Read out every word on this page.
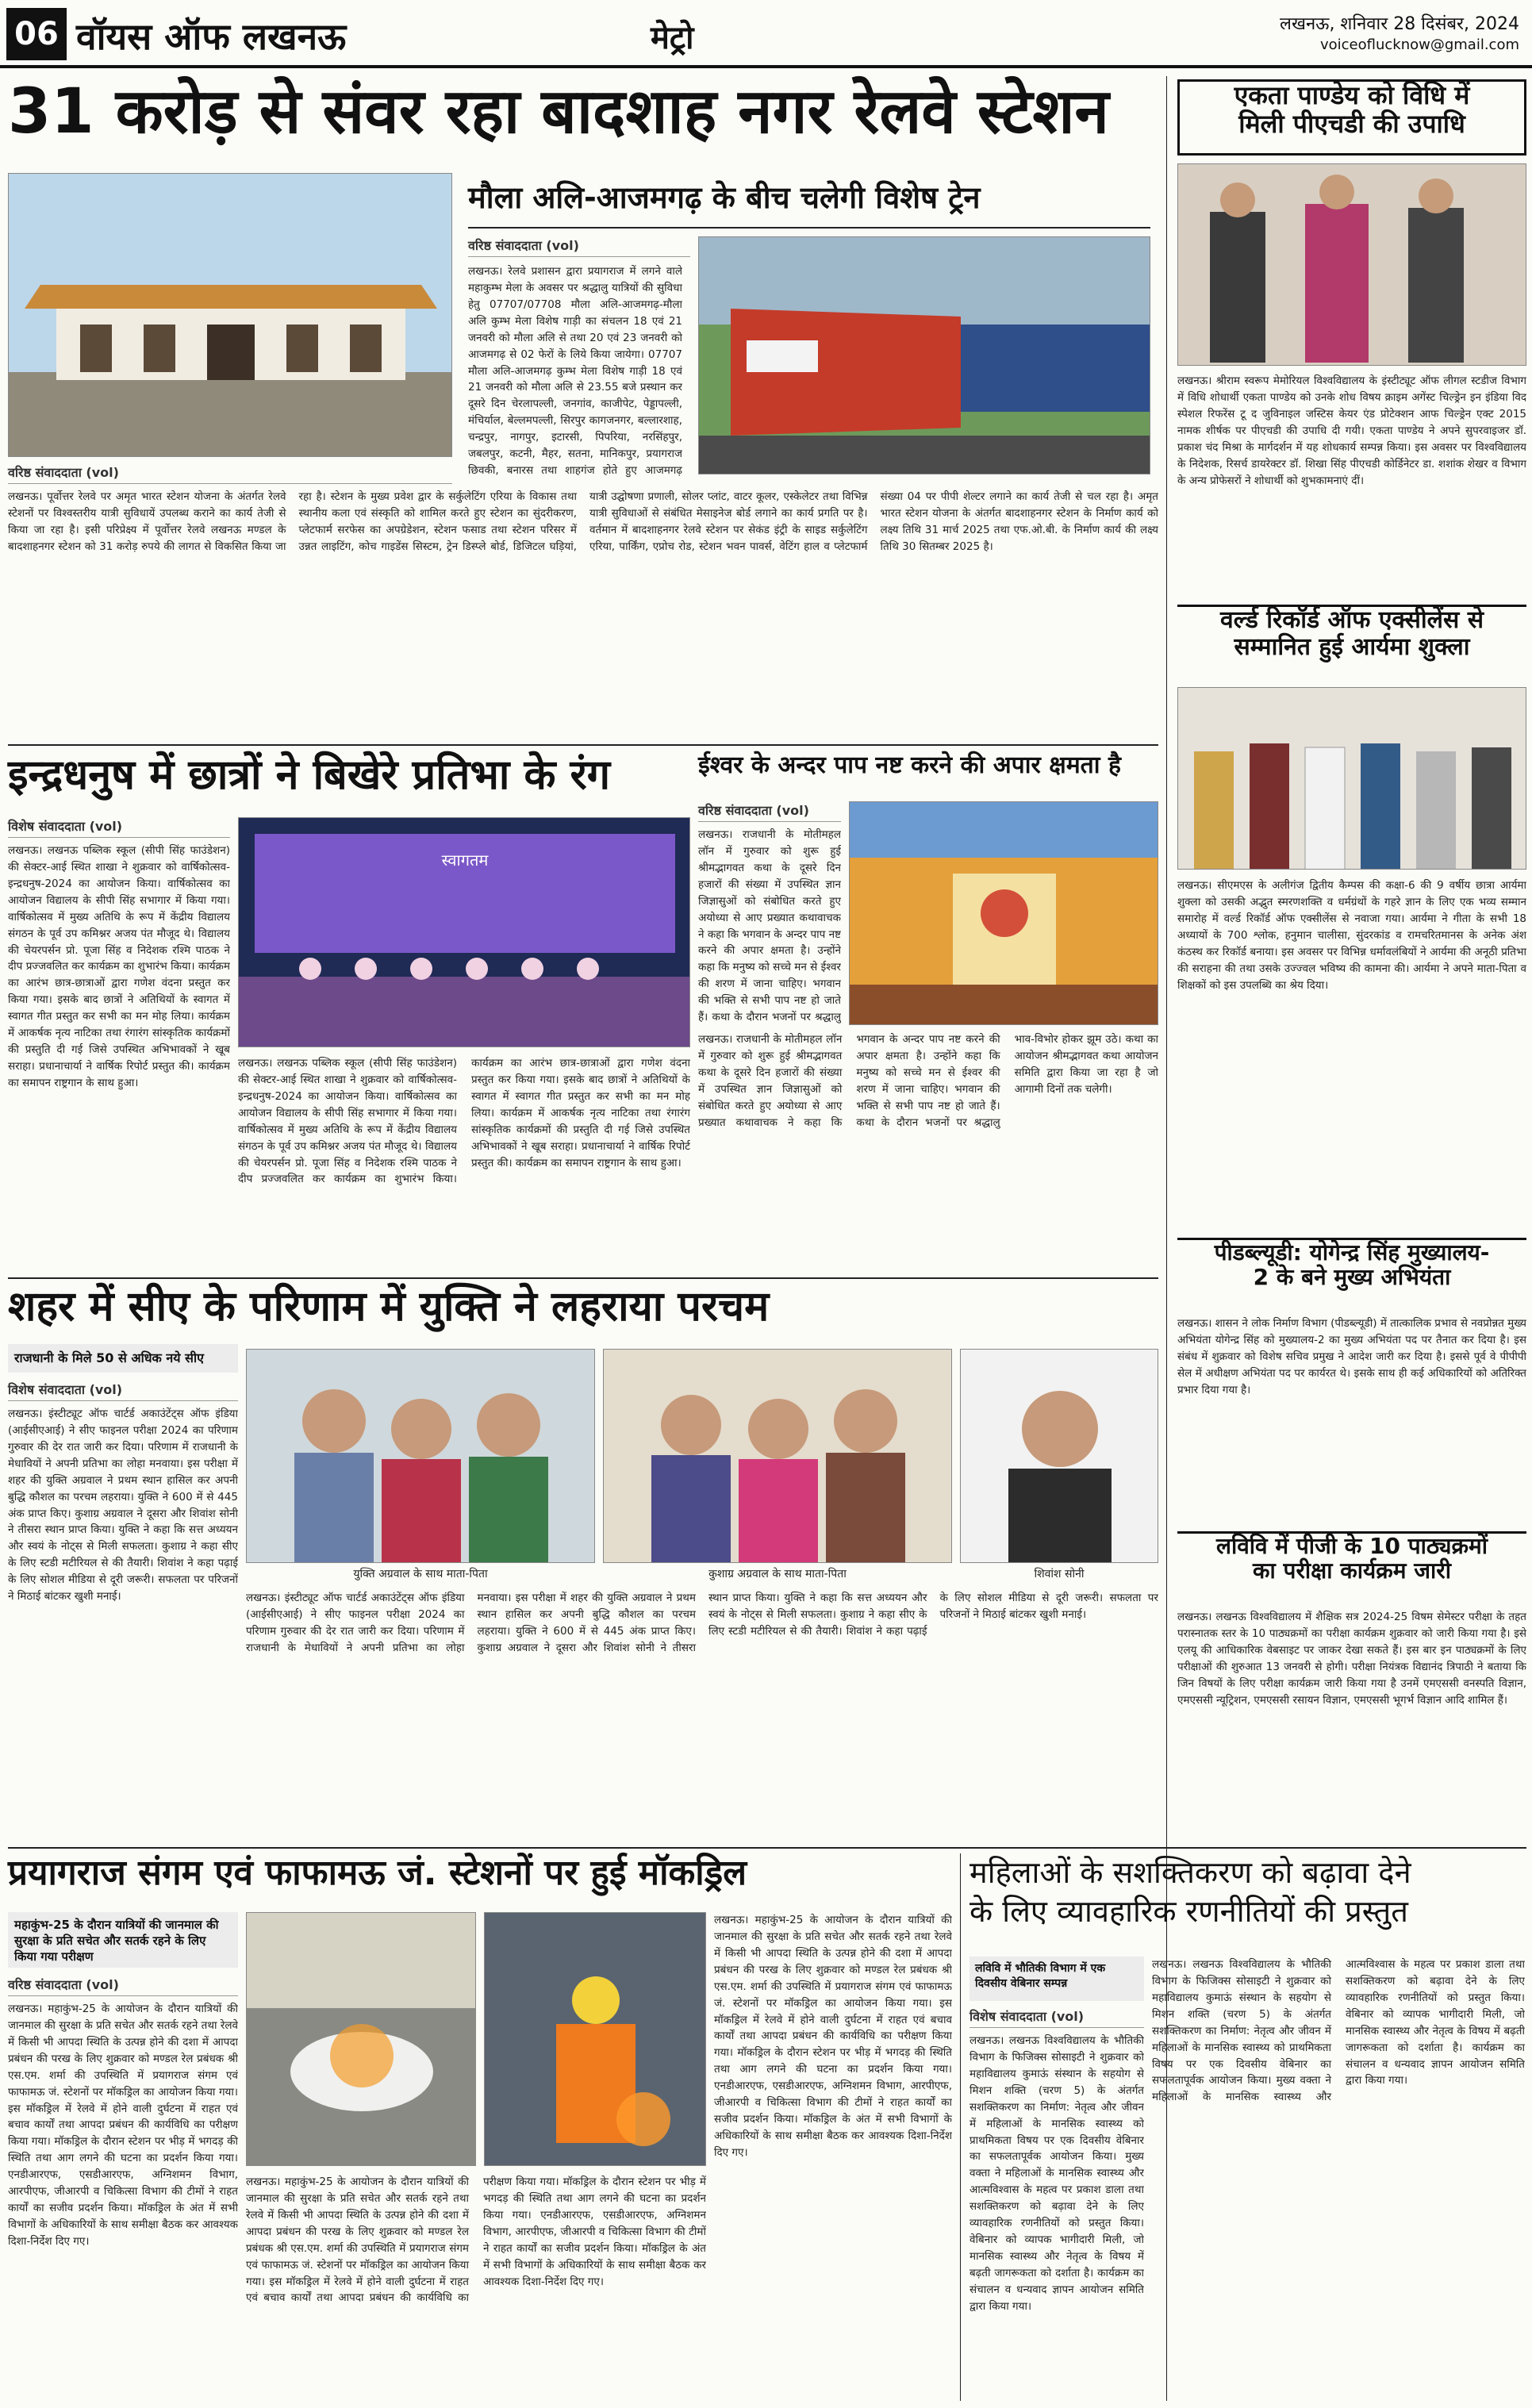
06 वॉयस ऑफ लखनऊ	मेट्रो	लखनऊ, शनिवार 28 दिसंबर, 2024
voiceoflucknow@gmail.com
31 करोड़ से संवर रहा बादशाह नगर रेलवे स्टेशन
वरिष्ठ संवाददाता (vol)
लखनऊ। पूर्वोत्तर रेलवे पर अमृत भारत स्टेशन योजना के अंतर्गत रेलवे स्टेशनों पर विश्वस्तरीय यात्री सुविधायें उपलब्ध कराने का कार्य तेजी से किया जा रहा है। इसी परिप्रेक्ष्य में पूर्वोत्तर रेलवे लखनऊ मण्डल के बादशाहनगर स्टेशन को 31 करोड़ रुपये की लागत से विकसित किया जा रहा है। स्टेशन के मुख्य प्रवेश द्वार के सर्कुलेटिंग एरिया के विकास तथा स्थानीय कला एवं संस्कृति को शामिल करते हुए स्टेशन का सुंदरीकरण, प्लेटफार्म सरफेस का अपग्रेडेशन, स्टेशन फसाड तथा स्टेशन परिसर में उन्नत लाइटिंग, कोच गाइडेंस सिस्टम, ट्रेन डिस्प्ले बोर्ड, डिजिटल घड़ियां, यात्री उद्घोषणा प्रणाली, सोलर प्लांट, वाटर कूलर, एस्केलेटर तथा विभिन्न यात्री सुविधाओं से संबंधित मेसाइनेज बोर्ड लगाने का कार्य प्रगति पर है। वर्तमान में बादशाहनगर रेलवे स्टेशन पर सेकंड इंट्री के साइड सर्कुलेटिंग एरिया, पार्किंग, एप्रोच रोड, स्टेशन भवन पावर्स, वेटिंग हाल व प्लेटफार्म संख्या 04 पर पीपी शेल्टर लगाने का कार्य तेजी से चल रहा है। अमृत भारत स्टेशन योजना के अंतर्गत बादशाहनगर स्टेशन के निर्माण कार्य को लक्ष्य तिथि 31 मार्च 2025 तथा एफ.ओ.बी. के निर्माण कार्य की लक्ष्य तिथि 30 सितम्बर 2025 है।
मौला अलि-आजमगढ़ के बीच चलेगी विशेष ट्रेन
वरिष्ठ संवाददाता (vol)
लखनऊ। रेलवे प्रशासन द्वारा प्रयागराज में लगने वाले महाकुम्भ मेला के अवसर पर श्रद्धालु यात्रियों की सुविधा हेतु 07707/07708 मौला अलि-आजमगढ़-मौला अलि कुम्भ मेला विशेष गाड़ी का संचलन 18 एवं 21 जनवरी को मौला अलि से तथा 20 एवं 23 जनवरी को आजमगढ़ से 02 फेरों के लिये किया जायेगा। 07707 मौला अलि-आजमगढ़ कुम्भ मेला विशेष गाड़ी 18 एवं 21 जनवरी को मौला अलि से 23.55 बजे प्रस्थान कर दूसरे दिन चेरलापल्ली, जनगांव, काजीपेट, पेड्डापल्ली, मंचिर्याल, बेल्लमपल्ली, सिरपुर कागजनगर, बल्लारशाह, चन्द्रपुर, नागपुर, इटारसी, पिपरिया, नरसिंहपुर, जबलपुर, कटनी, मैहर, सतना, मानिकपुर, प्रयागराज छिवकी, बनारस तथा शाहगंज होते हुए आजमगढ़
एकता पाण्डेय को विधि में
मिली पीएचडी की उपाधि
लखनऊ। श्रीराम स्वरूप मेमोरियल विश्वविद्यालय के इंस्टीट्यूट ऑफ लीगल स्टडीज विभाग में विधि शोधार्थी एकता पाण्डेय को उनके शोध विषय क्राइम अगेंस्ट चिल्ड्रेन इन इंडिया विद स्पेशल रिफरेंस टू द जुविनाइल जस्टिस केयर एंड प्रोटेक्शन आफ चिल्ड्रेन एक्ट 2015 नामक शीर्षक पर पीएचडी की उपाधि दी गयी। एकता पाण्डेय ने अपने सुपरवाइजर डॉ. प्रकाश चंद मिश्रा के मार्गदर्शन में यह शोधकार्य सम्पन्न किया। इस अवसर पर विश्वविद्यालय के निदेशक, रिसर्च डायरेक्टर डॉ. शिखा सिंह पीएचडी कोर्डिनेटर डा. शशांक शेखर व विभाग के अन्य प्रोफेसरों ने शोधार्थी को शुभकामनाएं दीं।
वर्ल्ड रिकॉर्ड ऑफ एक्सीलेंस से
सम्मानित हुई आर्यमा शुक्ला
लखनऊ। सीएमएस के अलीगंज द्वितीय कैम्पस की कक्षा-6 की 9 वर्षीय छात्रा आर्यमा शुक्ला को उसकी अद्भुत स्मरणशक्ति व धर्मग्रंथों के गहरे ज्ञान के लिए एक भव्य सम्मान समारोह में वर्ल्ड रिकॉर्ड ऑफ एक्सीलेंस से नवाजा गया। आर्यमा ने गीता के सभी 18 अध्यायों के 700 श्लोक, हनुमान चालीसा, सुंदरकांड व रामचरितमानस के अनेक अंश कंठस्थ कर रिकॉर्ड बनाया। इस अवसर पर विभिन्न धर्मावलंबियों ने आर्यमा की अनूठी प्रतिभा की सराहना की तथा उसके उज्ज्वल भविष्य की कामना की। आर्यमा ने अपने माता-पिता व शिक्षकों को इस उपलब्धि का श्रेय दिया।
पीडब्ल्यूडी: योगेन्द्र सिंह मुख्यालय-
2 के बने मुख्य अभियंता
लखनऊ। शासन ने लोक निर्माण विभाग (पीडब्ल्यूडी) में तात्कालिक प्रभाव से नवप्रोन्नत मुख्य अभियंता योगेन्द्र सिंह को मुख्यालय-2 का मुख्य अभियंता पद पर तैनात कर दिया है। इस संबंध में शुक्रवार को विशेष सचिव प्रमुख ने आदेश जारी कर दिया है। इससे पूर्व वे पीपीपी सेल में अधीक्षण अभियंता पद पर कार्यरत थे। इसके साथ ही कई अधिकारियों को अतिरिक्त प्रभार दिया गया है।
लविवि में पीजी के 10 पाठ्यक्रमों
का परीक्षा कार्यक्रम जारी
लखनऊ। लखनऊ विश्वविद्यालय में शैक्षिक सत्र 2024-25 विषम सेमेस्टर परीक्षा के तहत परास्नातक स्तर के 10 पाठ्यक्रमों का परीक्षा कार्यक्रम शुक्रवार को जारी किया गया है। इसे एलयू की आधिकारिक वेबसाइट पर जाकर देखा सकते हैं। इस बार इन पाठ्यक्रमों के लिए परीक्षाओं की शुरुआत 13 जनवरी से होगी। परीक्षा नियंत्रक विद्यानंद त्रिपाठी ने बताया कि जिन विषयों के लिए परीक्षा कार्यक्रम जारी किया गया है उनमें एमएससी वनस्पति विज्ञान, एमएससी न्यूट्रिशन, एमएससी रसायन विज्ञान, एमएससी भूगर्भ विज्ञान आदि शामिल हैं।
इन्द्रधनुष में छात्रों ने बिखेरे प्रतिभा के रंग
विशेष संवाददाता (vol)
लखनऊ। लखनऊ पब्लिक स्कूल (सीपी सिंह फाउंडेशन) की सेक्टर-आई स्थित शाखा ने शुक्रवार को वार्षिकोत्सव-इन्द्रधनुष-2024 का आयोजन किया। वार्षिकोत्सव का आयोजन विद्यालय के सीपी सिंह सभागार में किया गया। वार्षिकोत्सव में मुख्य अतिथि के रूप में केंद्रीय विद्यालय संगठन के पूर्व उप कमिश्नर अजय पंत मौजूद थे। विद्यालय की चेयरपर्सन प्रो. पूजा सिंह व निदेशक रश्मि पाठक ने दीप प्रज्जवलित कर कार्यक्रम का शुभारंभ किया। कार्यक्रम का आरंभ छात्र-छात्राओं द्वारा गणेश वंदना प्रस्तुत कर किया गया। इसके बाद छात्रों ने अतिथियों के स्वागत में स्वागत गीत प्रस्तुत कर सभी का मन मोह लिया। कार्यक्रम में आकर्षक नृत्य नाटिका तथा रंगारंग सांस्कृतिक कार्यक्रमों की प्रस्तुति दी गई जिसे उपस्थित अभिभावकों ने खूब सराहा। प्रधानाचार्या ने वार्षिक रिपोर्ट प्रस्तुत की। कार्यक्रम का समापन राष्ट्रगान के साथ हुआ।
स्वागतम
लखनऊ। लखनऊ पब्लिक स्कूल (सीपी सिंह फाउंडेशन) की सेक्टर-आई स्थित शाखा ने शुक्रवार को वार्षिकोत्सव-इन्द्रधनुष-2024 का आयोजन किया। वार्षिकोत्सव का आयोजन विद्यालय के सीपी सिंह सभागार में किया गया। वार्षिकोत्सव में मुख्य अतिथि के रूप में केंद्रीय विद्यालय संगठन के पूर्व उप कमिश्नर अजय पंत मौजूद थे। विद्यालय की चेयरपर्सन प्रो. पूजा सिंह व निदेशक रश्मि पाठक ने दीप प्रज्जवलित कर कार्यक्रम का शुभारंभ किया। कार्यक्रम का आरंभ छात्र-छात्राओं द्वारा गणेश वंदना प्रस्तुत कर किया गया। इसके बाद छात्रों ने अतिथियों के स्वागत में स्वागत गीत प्रस्तुत कर सभी का मन मोह लिया। कार्यक्रम में आकर्षक नृत्य नाटिका तथा रंगारंग सांस्कृतिक कार्यक्रमों की प्रस्तुति दी गई जिसे उपस्थित अभिभावकों ने खूब सराहा। प्रधानाचार्या ने वार्षिक रिपोर्ट प्रस्तुत की। कार्यक्रम का समापन राष्ट्रगान के साथ हुआ।
ईश्वर के अन्दर पाप नष्ट करने की अपार क्षमता है
वरिष्ठ संवाददाता (vol)
लखनऊ। राजधानी के मोतीमहल लॉन में गुरुवार को शुरू हुई श्रीमद्भागवत कथा के दूसरे दिन हजारों की संख्या में उपस्थित ज्ञान जिज्ञासुओं को संबोधित करते हुए अयोध्या से आए प्रख्यात कथावाचक ने कहा कि भगवान के अन्दर पाप नष्ट करने की अपार क्षमता है। उन्होंने कहा कि मनुष्य को सच्चे मन से ईश्वर की शरण में जाना चाहिए। भगवान की भक्ति से सभी पाप नष्ट हो जाते हैं। कथा के दौरान भजनों पर श्रद्धालु
लखनऊ। राजधानी के मोतीमहल लॉन में गुरुवार को शुरू हुई श्रीमद्भागवत कथा के दूसरे दिन हजारों की संख्या में उपस्थित ज्ञान जिज्ञासुओं को संबोधित करते हुए अयोध्या से आए प्रख्यात कथावाचक ने कहा कि भगवान के अन्दर पाप नष्ट करने की अपार क्षमता है। उन्होंने कहा कि मनुष्य को सच्चे मन से ईश्वर की शरण में जाना चाहिए। भगवान की भक्ति से सभी पाप नष्ट हो जाते हैं। कथा के दौरान भजनों पर श्रद्धालु भाव-विभोर होकर झूम उठे। कथा का आयोजन श्रीमद्भागवत कथा आयोजन समिति द्वारा किया जा रहा है जो आगामी दिनों तक चलेगी।
शहर में सीए के परिणाम में युक्ति ने लहराया परचम
राजधानी के मिले 50 से अधिक नये सीए
विशेष संवाददाता (vol)
लखनऊ। इंस्टीट्यूट ऑफ चार्टर्ड अकाउंटेंट्स ऑफ इंडिया (आईसीएआई) ने सीए फाइनल परीक्षा 2024 का परिणाम गुरुवार की देर रात जारी कर दिया। परिणाम में राजधानी के मेधावियों ने अपनी प्रतिभा का लोहा मनवाया। इस परीक्षा में शहर की युक्ति अग्रवाल ने प्रथम स्थान हासिल कर अपनी बुद्धि कौशल का परचम लहराया। युक्ति ने 600 में से 445 अंक प्राप्त किए। कुशाग्र अग्रवाल ने दूसरा और शिवांश सोनी ने तीसरा स्थान प्राप्त किया। युक्ति ने कहा कि सत्त अध्ययन और स्वयं के नोट्स से मिली सफलता। कुशाग्र ने कहा सीए के लिए स्टडी मटीरियल से की तैयारी। शिवांश ने कहा पढ़ाई के लिए सोशल मीडिया से दूरी जरूरी। सफलता पर परिजनों ने मिठाई बांटकर खुशी मनाई।
युक्ति अग्रवाल के साथ माता-पिता	कुशाग्र अग्रवाल के साथ माता-पिता	शिवांश सोनी
लखनऊ। इंस्टीट्यूट ऑफ चार्टर्ड अकाउंटेंट्स ऑफ इंडिया (आईसीएआई) ने सीए फाइनल परीक्षा 2024 का परिणाम गुरुवार की देर रात जारी कर दिया। परिणाम में राजधानी के मेधावियों ने अपनी प्रतिभा का लोहा मनवाया। इस परीक्षा में शहर की युक्ति अग्रवाल ने प्रथम स्थान हासिल कर अपनी बुद्धि कौशल का परचम लहराया। युक्ति ने 600 में से 445 अंक प्राप्त किए। कुशाग्र अग्रवाल ने दूसरा और शिवांश सोनी ने तीसरा स्थान प्राप्त किया। युक्ति ने कहा कि सत्त अध्ययन और स्वयं के नोट्स से मिली सफलता। कुशाग्र ने कहा सीए के लिए स्टडी मटीरियल से की तैयारी। शिवांश ने कहा पढ़ाई के लिए सोशल मीडिया से दूरी जरूरी। सफलता पर परिजनों ने मिठाई बांटकर खुशी मनाई।
प्रयागराज संगम एवं फाफामऊ जं. स्टेशनों पर हुई मॉकड्रिल
महाकुंभ-25 के दौरान यात्रियों की जानमाल की सुरक्षा के प्रति सचेत और सतर्क रहने के लिए किया गया परीक्षण
वरिष्ठ संवाददाता (vol)
लखनऊ। महाकुंभ-25 के आयोजन के दौरान यात्रियों की जानमाल की सुरक्षा के प्रति सचेत और सतर्क रहने तथा रेलवे में किसी भी आपदा स्थिति के उत्पन्न होने की दशा में आपदा प्रबंधन की परख के लिए शुक्रवार को मण्डल रेल प्रबंधक श्री एस.एम. शर्मा की उपस्थिति में प्रयागराज संगम एवं फाफामऊ जं. स्टेशनों पर मॉकड्रिल का आयोजन किया गया। इस मॉकड्रिल में रेलवे में होने वाली दुर्घटना में राहत एवं बचाव कार्यों तथा आपदा प्रबंधन की कार्यविधि का परीक्षण किया गया। मॉकड्रिल के दौरान स्टेशन पर भीड़ में भगदड़ की स्थिति तथा आग लगने की घटना का प्रदर्शन किया गया। एनडीआरएफ, एसडीआरएफ, अग्निशमन विभाग, आरपीएफ, जीआरपी व चिकित्सा विभाग की टीमों ने राहत कार्यों का सजीव प्रदर्शन किया। मॉकड्रिल के अंत में सभी विभागों के अधिकारियों के साथ समीक्षा बैठक कर आवश्यक दिशा-निर्देश दिए गए।
लखनऊ। महाकुंभ-25 के आयोजन के दौरान यात्रियों की जानमाल की सुरक्षा के प्रति सचेत और सतर्क रहने तथा रेलवे में किसी भी आपदा स्थिति के उत्पन्न होने की दशा में आपदा प्रबंधन की परख के लिए शुक्रवार को मण्डल रेल प्रबंधक श्री एस.एम. शर्मा की उपस्थिति में प्रयागराज संगम एवं फाफामऊ जं. स्टेशनों पर मॉकड्रिल का आयोजन किया गया। इस मॉकड्रिल में रेलवे में होने वाली दुर्घटना में राहत एवं बचाव कार्यों तथा आपदा प्रबंधन की कार्यविधि का परीक्षण किया गया। मॉकड्रिल के दौरान स्टेशन पर भीड़ में भगदड़ की स्थिति तथा आग लगने की घटना का प्रदर्शन किया गया। एनडीआरएफ, एसडीआरएफ, अग्निशमन विभाग, आरपीएफ, जीआरपी व चिकित्सा विभाग की टीमों ने राहत कार्यों का सजीव प्रदर्शन किया। मॉकड्रिल के अंत में सभी विभागों के अधिकारियों के साथ समीक्षा बैठक कर आवश्यक दिशा-निर्देश दिए गए।
लखनऊ। महाकुंभ-25 के आयोजन के दौरान यात्रियों की जानमाल की सुरक्षा के प्रति सचेत और सतर्क रहने तथा रेलवे में किसी भी आपदा स्थिति के उत्पन्न होने की दशा में आपदा प्रबंधन की परख के लिए शुक्रवार को मण्डल रेल प्रबंधक श्री एस.एम. शर्मा की उपस्थिति में प्रयागराज संगम एवं फाफामऊ जं. स्टेशनों पर मॉकड्रिल का आयोजन किया गया। इस मॉकड्रिल में रेलवे में होने वाली दुर्घटना में राहत एवं बचाव कार्यों तथा आपदा प्रबंधन की कार्यविधि का परीक्षण किया गया। मॉकड्रिल के दौरान स्टेशन पर भीड़ में भगदड़ की स्थिति तथा आग लगने की घटना का प्रदर्शन किया गया। एनडीआरएफ, एसडीआरएफ, अग्निशमन विभाग, आरपीएफ, जीआरपी व चिकित्सा विभाग की टीमों ने राहत कार्यों का सजीव प्रदर्शन किया। मॉकड्रिल के अंत में सभी विभागों के अधिकारियों के साथ समीक्षा बैठक कर आवश्यक दिशा-निर्देश दिए गए।
महिलाओं के सशक्तिकरण को बढ़ावा देने
के लिए व्यावहारिक रणनीतियों की प्रस्तुत
लविवि में भौतिकी विभाग में एक दिवसीय वेबिनार सम्पन्न
विशेष संवाददाता (vol)
लखनऊ। लखनऊ विश्वविद्यालय के भौतिकी विभाग के फिजिक्स सोसाइटी ने शुक्रवार को महाविद्यालय कुमाऊं संस्थान के सहयोग से मिशन शक्ति (चरण 5) के अंतर्गत सशक्तिकरण का निर्माण: नेतृत्व और जीवन में महिलाओं के मानसिक स्वास्थ्य को प्राथमिकता विषय पर एक दिवसीय वेबिनार का सफलतापूर्वक आयोजन किया। मुख्य वक्ता ने महिलाओं के मानसिक स्वास्थ्य और आत्मविश्वास के महत्व पर प्रकाश डाला तथा सशक्तिकरण को बढ़ावा देने के लिए व्यावहारिक रणनीतियों को प्रस्तुत किया। वेबिनार को व्यापक भागीदारी मिली, जो मानसिक स्वास्थ्य और नेतृत्व के विषय में बढ़ती जागरूकता को दर्शाता है। कार्यक्रम का संचालन व धन्यवाद ज्ञापन आयोजन समिति द्वारा किया गया।
लखनऊ। लखनऊ विश्वविद्यालय के भौतिकी विभाग के फिजिक्स सोसाइटी ने शुक्रवार को महाविद्यालय कुमाऊं संस्थान के सहयोग से मिशन शक्ति (चरण 5) के अंतर्गत सशक्तिकरण का निर्माण: नेतृत्व और जीवन में महिलाओं के मानसिक स्वास्थ्य को प्राथमिकता विषय पर एक दिवसीय वेबिनार का सफलतापूर्वक आयोजन किया। मुख्य वक्ता ने महिलाओं के मानसिक स्वास्थ्य और आत्मविश्वास के महत्व पर प्रकाश डाला तथा सशक्तिकरण को बढ़ावा देने के लिए व्यावहारिक रणनीतियों को प्रस्तुत किया। वेबिनार को व्यापक भागीदारी मिली, जो मानसिक स्वास्थ्य और नेतृत्व के विषय में बढ़ती जागरूकता को दर्शाता है। कार्यक्रम का संचालन व धन्यवाद ज्ञापन आयोजन समिति द्वारा किया गया।
